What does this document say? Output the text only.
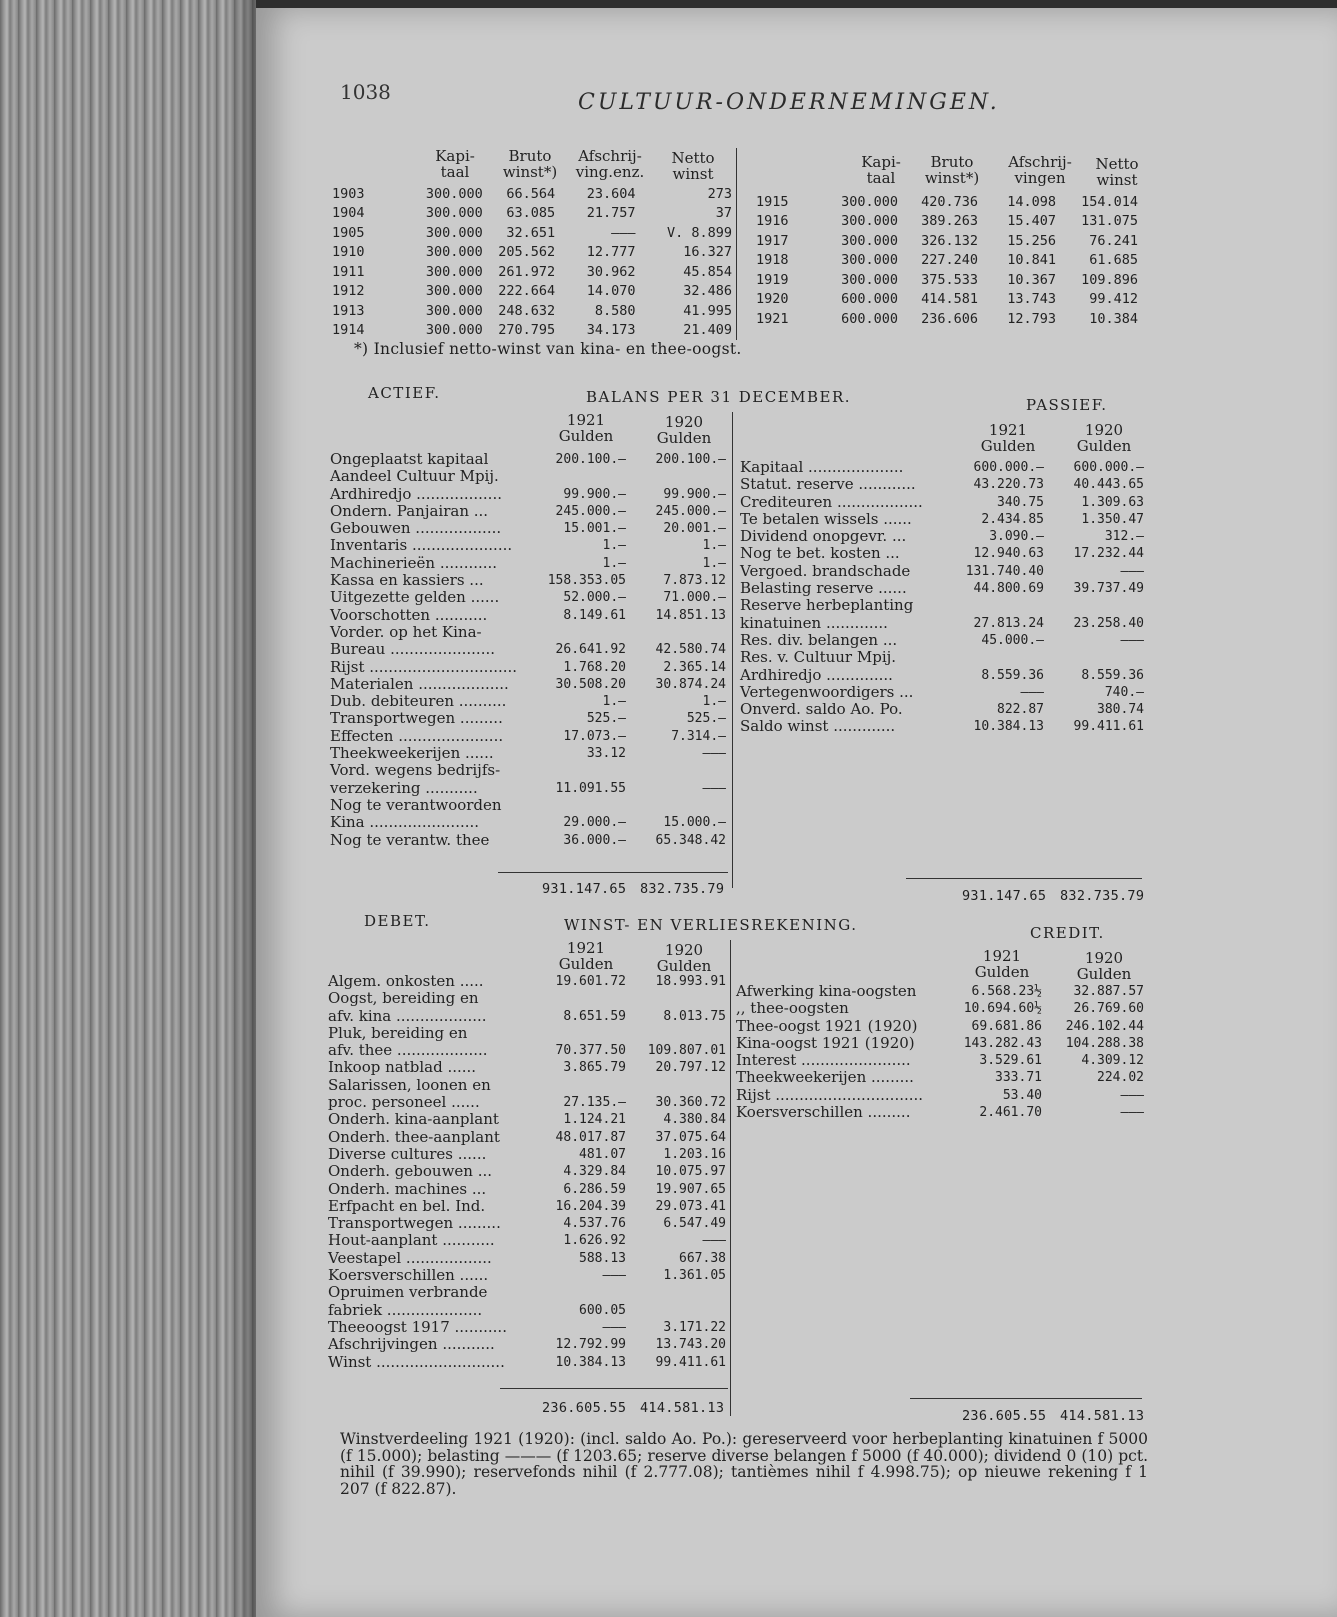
1038	CULTUUR-ONDERNEMINGEN.
Kapi-
taal
Bruto
winst*)
Afschrij-
ving.enz.
Netto
winst
Kapi-
taal
Bruto
winst*)
Afschrij-
vingen
Netto
winst
1903	300.000	66.564	23.604	273
1904	300.000	63.085	21.757	37
1905	300.000	32.651	———	V. 8.899
1910	300.000	205.562	12.777	16.327
1911	300.000	261.972	30.962	45.854
1912	300.000	222.664	14.070	32.486
1913	300.000	248.632	8.580	41.995
1914	300.000	270.795	34.173	21.409
1915	300.000	420.736	14.098	154.014
1916	300.000	389.263	15.407	131.075
1917	300.000	326.132	15.256	76.241
1918	300.000	227.240	10.841	61.685
1919	300.000	375.533	10.367	109.896
1920	600.000	414.581	13.743	99.412
1921	600.000	236.606	12.793	10.384
*) Inclusief netto-winst van kina- en thee-oogst.
ACTIEF.	BALANS PER 31 DECEMBER.	PASSIEF.
1921
Gulden
1920
Gulden	1921
Gulden
1920
Gulden
Ongeplaatst kapitaal	200.100.—	200.100.—
Aandeel Cultuur Mpij.		
Ardhiredjo ..................	99.900.—	99.900.—
Ondern. Panjairan ...	245.000.—	245.000.—
Gebouwen ..................	15.001.—	20.001.—
Inventaris .....................	1.—	1.—
Machinerieën ............	1.—	1.—
Kassa en kassiers ...	158.353.05	7.873.12
Uitgezette gelden ......	52.000.—	71.000.—
Voorschotten ...........	8.149.61	14.851.13
Vorder. op het Kina-		
Bureau ......................	26.641.92	42.580.74
Rijst ...............................	1.768.20	2.365.14
Materialen ...................	30.508.20	30.874.24
Dub. debiteuren ..........	1.—	1.—
Transportwegen .........	525.—	525.—
Effecten ......................	17.073.—	7.314.—
Theekweekerijen ......	33.12	———
Vord. wegens bedrijfs-		
verzekering ...........	11.091.55	———
Nog te verantwoorden		
Kina .......................	29.000.—	15.000.—
Nog te verantw. thee	36.000.—	65.348.42
Kapitaal ....................	600.000.—	600.000.—
Statut. reserve ............	43.220.73	40.443.65
Crediteuren ..................	340.75	1.309.63
Te betalen wissels ......	2.434.85	1.350.47
Dividend onopgevr. ...	3.090.—	312.—
Nog te bet. kosten ...	12.940.63	17.232.44
Vergoed. brandschade	131.740.40	———
Belasting reserve ......	44.800.69	39.737.49
Reserve herbeplanting		
kinatuinen .............	27.813.24	23.258.40
Res. div. belangen ...	45.000.—	———
Res. v. Cultuur Mpij.		
Ardhiredjo ..............	8.559.36	8.559.36
Vertegenwoordigers ...	———	740.—
Onverd. saldo Ao. Po.	822.87	380.74
Saldo winst .............	10.384.13	99.411.61
931.147.65 832.735.79	931.147.65 832.735.79
DEBET.	WINST- EN VERLIESREKENING.	CREDIT.
1921
Gulden
1920
Gulden
1921
Gulden
1920
Gulden
Algem. onkosten .....	19.601.72	18.993.91
Oogst, bereiding en		
afv. kina ...................	8.651.59	8.013.75
Pluk, bereiding en		
afv. thee ...................	70.377.50	109.807.01
Inkoop natblad ......	3.865.79	20.797.12
Salarissen, loonen en		
proc. personeel ......	27.135.—	30.360.72
Onderh. kina-aanplant	1.124.21	4.380.84
Onderh. thee-aanplant	48.017.87	37.075.64
Diverse cultures ......	481.07	1.203.16
Onderh. gebouwen ...	4.329.84	10.075.97
Onderh. machines ...	6.286.59	19.907.65
Erfpacht en bel. Ind.	16.204.39	29.073.41
Transportwegen .........	4.537.76	6.547.49
Hout-aanplant ...........	1.626.92	———
Veestapel ..................	588.13	667.38
Koersverschillen ......	———	1.361.05
Opruimen verbrande		
fabriek ....................	600.05	
Theeoogst 1917 ...........	———	3.171.22
Afschrijvingen ...........	12.792.99	13.743.20
Winst ...........................	10.384.13	99.411.61
Afwerking kina-oogsten	6.568.23½	32.887.57
,, thee-oogsten	10.694.60½	26.769.60
Thee-oogst 1921 (1920)	69.681.86	246.102.44
Kina-oogst 1921 (1920)	143.282.43	104.288.38
Interest .......................	3.529.61	4.309.12
Theekweekerijen .........	333.71	224.02
Rijst ...............................	53.40	———
Koersverschillen .........	2.461.70	———
236.605.55 414.581.13	236.605.55 414.581.13
Winstverdeeling 1921 (1920): (incl. saldo Ao. Po.): gereserveerd voor herbeplanting kinatuinen f 5000 (f 15.000); belasting ——— (f 1203.65; reserve diverse belangen f 5000 (f 40.000); dividend 0 (10) pct. nihil (f 39.990); reservefonds nihil (f 2.777.08); tantièmes nihil f 4.998.75); op nieuwe rekening f 1 207 (f 822.87).
